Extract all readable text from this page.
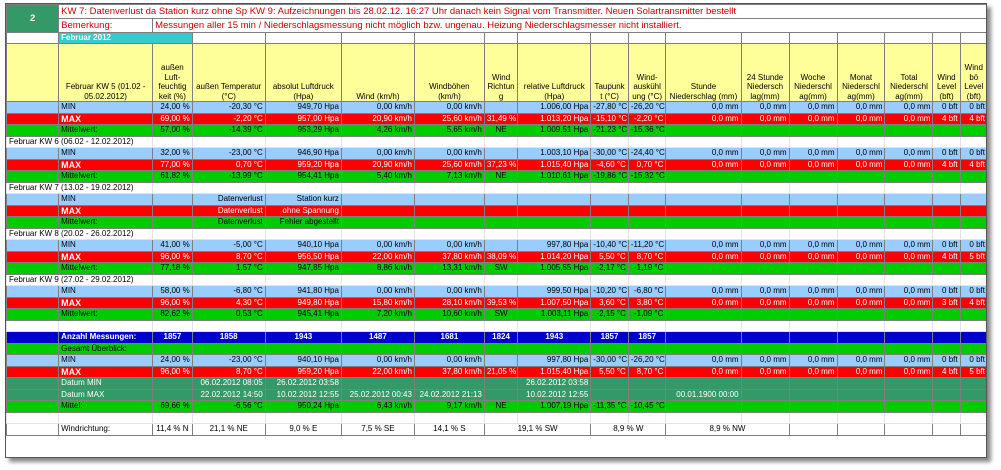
2	KW 7: Datenverlust da Station kurz ohne Sp KW 9: Aufzeichnungen bis 28.02.12. 16:27 Uhr danach kein Signal vom Transmitter. Neuen Solartransmitter bestellt																
	Bemerkung:	Messungen aller 15 min / Niederschlagsmessung nicht möglich bzw. ungenau. Heizung Niederschlagsmesser nicht installiert.															
	Februar 2012																
	Februar KW 5 (01.02 - 05.02.2012)	außen Luft-feuchtig keit (%)	außen Temperatur (°C)	absolut Luftdruck (Hpa)	Wind (km/h)	Windböhen (km/h)	Wind Richtun g	relative Luftdruck (Hpa)	Taupunk t (°C)	Wind-auskühl ung (°C)	Stunde Niederschlag (mm)	24 Stunde Niedersch lag(mm)	Woche Niederschl ag(mm)	Monat Niederschl ag(mm)	Total Niederschl ag(mm)	Wind Level (bft)	Wind bö Level (bft)
	MIN	24,00 %	-20,30 °C	949,70 Hpa	0,00 km/h	0,00 km/h		1.006,00 Hpa	-27,80 °C	-26,20 °C	0,0 mm	0,0 mm	0,0 mm	0,0 mm	0,0 mm	0 bft	0 bft
	MAX	69,00 %	-2,20 °C	957,00 Hpa	20,90 km/h	25,60 km/h	31,49 %	1.013,20 Hpa	-15,10 °C	-2,20 °C	0,0 mm	0,0 mm	0,0 mm	0,0 mm	0,0 mm	4 bft	4 bft
	Mittelwert:	57,00 %	-14,39 °C	953,29 Hpa	4,26 km/h	5,65 km/h	NE	1.009,51 Hpa	-21,23 °C	-15,36 °C							
Februar KW 6 (06.02 - 12.02.2012)																	
	MIN	32,00 %	-23,00 °C	946,90 Hpa	0,00 km/h	0,00 km/h		1.003,10 Hpa	-30,00 °C	-24,40 °C	0,0 mm	0,0 mm	0,0 mm	0,0 mm	0,0 mm	0 bft	0 bft
	MAX	77,00 %	0,70 °C	959,20 Hpa	20,90 km/h	25,60 km/h	37,23 %	1.015,40 Hpa	-4,60 °C	0,70 °C	0,0 mm	0,0 mm	0,0 mm	0,0 mm	0,0 mm	4 bft	4 bft
	Mittelwert:	61,82 %	-13,99 °C	954,41 Hpa	5,40 km/h	7,13 km/h	NE	1.010,61 Hpa	-19,86 °C	-15,32 °C							
Februar KW 7 (13.02 - 19.02.2012)																	
	MIN		Datenverlust	Station kurz													
	MAX		Datenverlust	ohne Spannung													
	Mittelwert:		Datenverlust	Fehler abgestellt													
Februar KW 8 (20.02 - 26.02.2012)																	
	MIN	41,00 %	-5,00 °C	940,10 Hpa	0,00 km/h	0,00 km/h		997,80 Hpa	-10,40 °C	-11,20 °C	0,0 mm	0,0 mm	0,0 mm	0,0 mm	0,0 mm	0 bft	0 bft
	MAX	96,00 %	8,70 °C	956,50 Hpa	22,00 km/h	37,80 km/h	38,09 %	1.014,20 Hpa	5,50 °C	8,70 °C	0,0 mm	0,0 mm	0,0 mm	0,0 mm	0,0 mm	4 bft	5 bft
	Mittelwert:	77,18 %	1,57 °C	947,85 Hpa	8,86 km/h	13,31 km/h	SW	1.005,55 Hpa	-2,17 °C	-1,19 °C							
Februar KW 9 (27.02 - 29.02.2012)																	
	MIN	58,00 %	-6,80 °C	941,80 Hpa	0,00 km/h	0,00 km/h		999,50 Hpa	-10,20 °C	-6,80 °C	0,0 mm	0,0 mm	0,0 mm	0,0 mm	0,0 mm	0 bft	0 bft
	MAX	96,00 %	4,30 °C	949,80 Hpa	15,80 km/h	28,10 km/h	39,53 %	1.007,50 Hpa	3,60 °C	3,80 °C	0,0 mm	0,0 mm	0,0 mm	0,0 mm	0,0 mm	3 bft	4 bft
	Mittelwert:	82,62 %	0,53 °C	945,41 Hpa	7,20 km/h	10,60 km/h	SW	1.003,11 Hpa	-2,15 °C	-1,09 °C							

	Anzahl Messungen:	1857	1858	1943	1487	1681	1824	1943	1857	1857							
	Gesamt Überblick:																
	MIN	24,00 %	-23,00 °C	940,10 Hpa	0,00 km/h	0,00 km/h		997,80 Hpa	-30,00 °C	-26,20 °C	0,0 mm	0,0 mm	0,0 mm	0,0 mm	0,0 mm	0 bft	0 bft
	MAX	96,00 %	8,70 °C	959,20 Hpa	22,00 km/h	37,80 km/h	21,05 %	1.015,40 Hpa	5,50 °C	8,70 °C	0,0 mm	0,0 mm	0,0 mm	0,0 mm	0,0 mm	4 bft	5 bft
	Datum MIN		06.02.2012 08:05	26.02.2012 03:58				26.02.2012 03:58									
	Datum MAX		22.02.2012 14:50	10.02.2012 12:55	25.02.2012 00:43	24.02.2012 21:13		10.02.2012 12:55			00.01.1900 00:00						
	Mittel:	69,66 %	-6,56 °C	950,24 Hpa	6,43 km/h	9,17 km/h	NE	1.007,19 Hpa	-11,35 °C	-10,45 °C							

	Windrichtung:	11,4 % N	21,1 % NE	9,0 % E	7,5 % SE	14,1 % S	19,1 % SW		8,9 % W		8,9 % NW						
